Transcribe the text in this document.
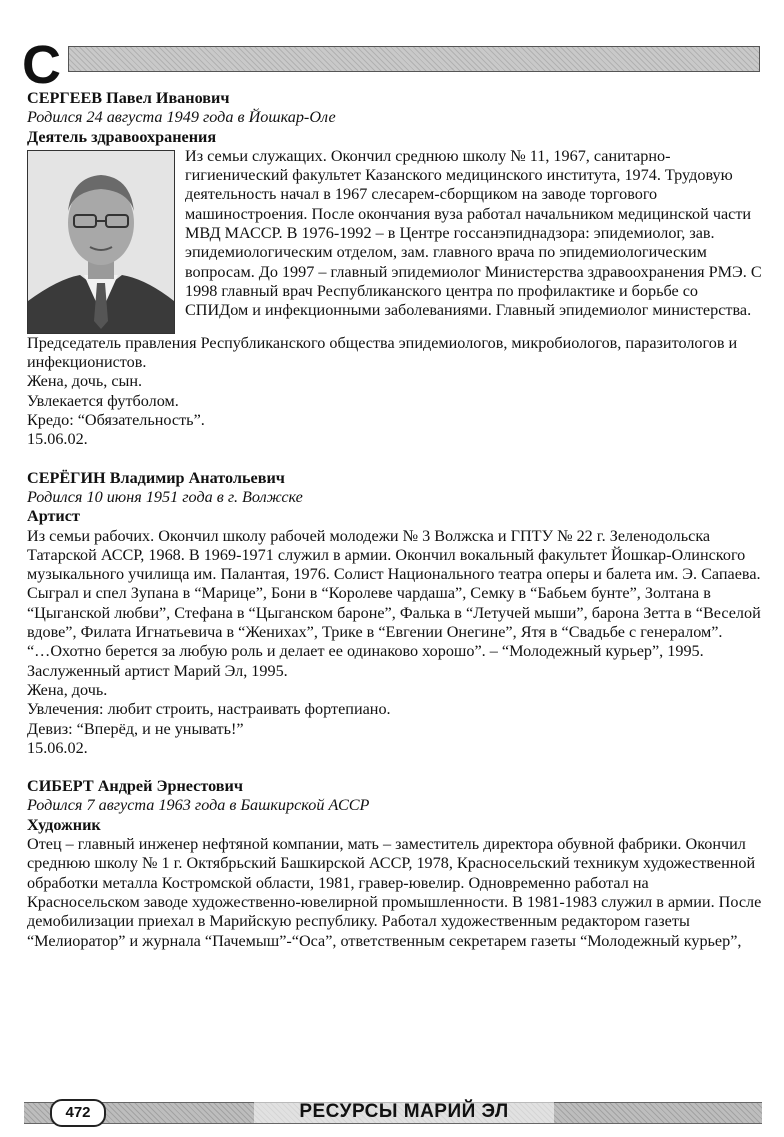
С

СЕРГЕЕВ Павел Иванович

Родился 24 августа 1949 года в Йошкар-Оле

Деятель здравоохранения

Из семьи служащих. Окончил среднюю школу № 11, 1967, санитарно-гигиенический факультет Казанского медицинского института, 1974. Трудовую деятельность начал в 1967 слесарем-сборщиком на заводе торгового машиностроения. После окончания вуза работал начальником медицинской части МВД МАССР. В 1976-1992 – в Центре госсанэпиднадзора: эпидемиолог, зав. эпидемиологическим отделом, зам. главного врача по эпидемиологическим вопросам. До 1997 – главный эпидемиолог Министерства здравоохранения РМЭ. С 1998 главный врач Республиканского центра по профилактике и борьбе со СПИДом и инфекционными заболеваниями. Главный эпидемиолог министерства.

Председатель правления Республиканского общества эпидемиологов, микробиологов, паразитологов и инфекционистов.

Жена, дочь, сын.

Увлекается футболом.

Кредо: “Обязательность”.

15.06.02.

СЕРЁГИН Владимир Анатольевич

Родился 10 июня 1951 года в г. Волжске

Артист

Из семьи рабочих. Окончил школу рабочей молодежи № 3 Волжска и ГПТУ № 22 г. Зеленодольска Татарской АССР, 1968. В 1969-1971 служил в армии. Окончил вокальный факультет Йошкар-Олинского музыкального училища им. Палантая, 1976. Солист Национального театра оперы и балета им. Э. Сапаева. Сыграл и спел Зупана в “Марице”, Бони в “Королеве чардаша”, Семку в “Бабьем бунте”, Золтана в “Цыганской любви”, Стефана в “Цыганском бароне”, Фалька в “Летучей мыши”, барона Зетта в “Веселой вдове”, Филата Игнатьевича в “Женихах”, Трике в “Евгении Онегине”, Ятя в “Свадьбе с генералом”.

“…Охотно берется за любую роль и делает ее одинаково хорошо”. – “Молодежный курьер”, 1995.

Заслуженный артист Марий Эл, 1995.

Жена, дочь.

Увлечения: любит строить, настраивать фортепиано.

Девиз: “Вперёд, и не унывать!”

15.06.02.

СИБЕРТ Андрей Эрнестович

Родился 7 августа 1963 года в Башкирской АССР

Художник

Отец – главный инженер нефтяной компании, мать – заместитель директора обувной фабрики. Окончил среднюю школу № 1 г. Октябрьский Башкирской АССР, 1978, Красносельский техникум художественной обработки металла Костромской области, 1981, гравер-ювелир. Одновременно работал на Красносельском заводе художественно-ювелирной промышленности. В 1981-1983 служил в армии. После демобилизации приехал в Марийскую республику. Работал художественным редактором газеты “Мелиоратор” и журнала “Пачемыш”-“Оса”, ответственным секретарем газеты “Молодежный курьер”,

472	РЕСУРСЫ МАРИЙ ЭЛ
